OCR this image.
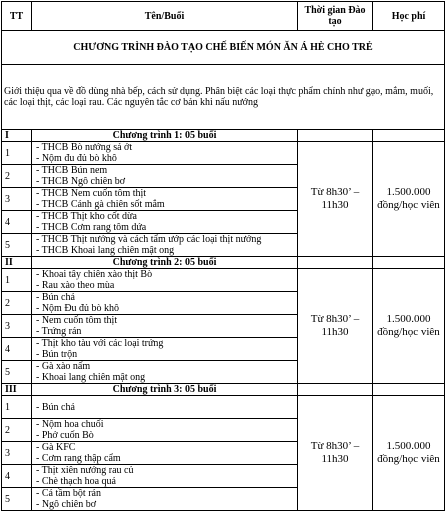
TT	Tên/Buổi	Thời gian Đào tạo	Học phí
CHƯƠNG TRÌNH ĐÀO TẠO CHẾ BIẾN MÓN ĂN Á HÈ CHO TRẺ			
Giới thiệu qua về đồ dùng nhà bếp, cách sử dụng. Phân biệt các loại thực phẩm chính như gạo, mắm, muối, các loại thịt, các loại rau. Các nguyên tắc cơ bản khi nấu nướng			
I	Chương trình 1: 05 buổi		
1	- THCB Bò nướng sả ớt
- Nộm đu đủ bò khô	Từ 8h30’ – 11h30	1.500.000 đồng/học viên
2	- THCB Bún nem
- THCB Ngô chiên bơ		

3	- THCB Nem cuốn tôm thịt
- THCB Cánh gà chiên sốt mắm		

4	- THCB Thịt kho cốt dừa
- THCB Cơm rang tôm dứa		

5	- THCB Thịt nướng và cách tẩm ướp các loại thịt nướng
- THCB Khoai lang chiên mật ong		

II	Chương trình 2: 05 buổi		
1	- Khoai tây chiên xào thịt Bò
- Rau xào theo mùa	Từ 8h30’ – 11h30	1.500.000 đồng/học viên
2	- Bún chả
- Nộm Đu đủ bò khô		

3	- Nem cuốn tôm thịt
- Trứng rán		

4	- Thịt kho tàu với các loại trứng
- Bún trộn		

5	- Gà xào nấm
- Khoai lang chiên mật ong		

III	Chương trình 3: 05 buổi		
1	- Bún chả	Từ 8h30’ – 11h30	1.500.000 đồng/học viên
2	- Nộm hoa chuối
- Phở cuốn Bò		

3	- Gà KFC
- Cơm rang thập cẩm		

4	- Thịt xiên nướng rau củ
- Chè thạch hoa quả		

5	- Cá tầm bột rán
- Ngô chiên bơ		
